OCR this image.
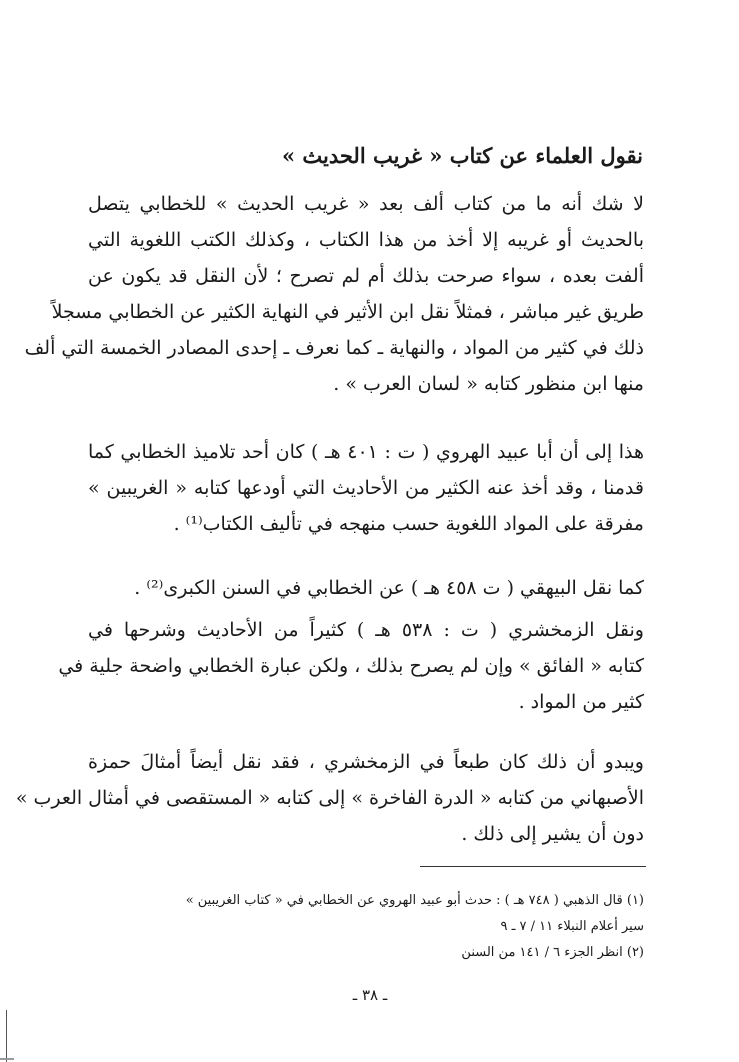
نقول العلماء عن كتاب « غريب الحديث »
لا شك أنه ما من كتاب ألف بعد « غريب الحديث » للخطابي يتصل
بالحديث أو غريبه إلا أخذ من هذا الكتاب ، وكذلك الكتب اللغوية التي
ألفت بعده ، سواء صرحت بذلك أم لم تصرح ؛ لأن النقل قد يكون عن
طريق غير مباشر ، فمثلاً نقل ابن الأثير في النهاية الكثير عن الخطابي مسجلاً
ذلك في كثير من المواد ، والنهاية ـ كما نعرف ـ إحدى المصادر الخمسة التي ألف
منها ابن منظور كتابه « لسان العرب » .
هذا إلى أن أبا عبيد الهروي ( ت : ٤٠١ هـ ) كان أحد تلاميذ الخطابي كما
قدمنا ، وقد أخذ عنه الكثير من الأحاديث التي أودعها كتابه « الغريبين »
مفرقة على المواد اللغوية حسب منهجه في تأليف الكتاب⁽¹⁾ .
كما نقل البيهقي ( ت ٤٥٨ هـ ) عن الخطابي في السنن الكبرى⁽²⁾ .
ونقل الزمخشري ( ت : ٥٣٨ هـ ) كثيراً من الأحاديث وشرحها في
كتابه « الفائق » وإن لم يصرح بذلك ، ولكن عبارة الخطابي واضحة جلية في
كثير من المواد .
ويبدو أن ذلك كان طبعاً في الزمخشري ، فقد نقل أيضاً أمثالَ حمزة
الأصبهاني من كتابه « الدرة الفاخرة » إلى كتابه « المستقصى في أمثال العرب »
دون أن يشير إلى ذلك .
(١) قال الذهبي ( ٧٤٨ هـ ) : حدث أبو عبيد الهروي عن الخطابي في « كتاب الغريبين »
سير أعلام النبلاء ١١ / ٧ ـ ٩
(٢) انظر الجزء ٦ / ١٤١ من السنن
ـ ٣٨ ـ
